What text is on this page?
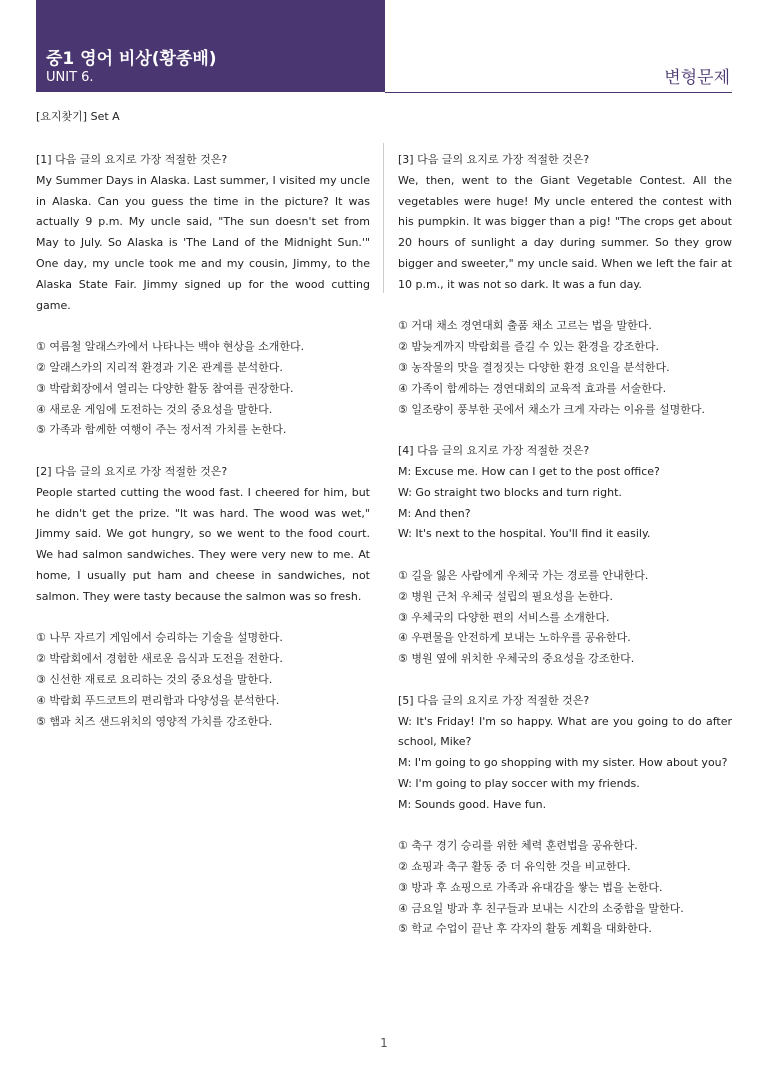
중1 영어 비상(황종배)
UNIT 6.	변형문제
[요지찾기] Set A

[1] 다음 글의 요지로 가장 적절한 것은?

My Summer Days in Alaska. Last summer, I visited my uncle in Alaska. Can you guess the time in the picture? It was actually 9 p.m. My uncle said, "The sun doesn't set from May to July. So Alaska is 'The Land of the Midnight Sun.'" One day, my uncle took me and my cousin, Jimmy, to the Alaska State Fair. Jimmy signed up for the wood cutting game.

① 여름철 알래스카에서 나타나는 백야 현상을 소개한다.

② 알래스카의 지리적 환경과 기온 관계를 분석한다.

③ 박람회장에서 열리는 다양한 활동 참여를 권장한다.

④ 새로운 게임에 도전하는 것의 중요성을 말한다.

⑤ 가족과 함께한 여행이 주는 정서적 가치를 논한다.

[2] 다음 글의 요지로 가장 적절한 것은?

People started cutting the wood fast. I cheered for him, but he didn't get the prize. "It was hard. The wood was wet," Jimmy said. We got hungry, so we went to the food court. We had salmon sandwiches. They were very new to me. At home, I usually put ham and cheese in sandwiches, not salmon. They were tasty because the salmon was so fresh.

① 나무 자르기 게임에서 승리하는 기술을 설명한다.

② 박람회에서 경험한 새로운 음식과 도전을 전한다.

③ 신선한 재료로 요리하는 것의 중요성을 말한다.

④ 박람회 푸드코트의 편리함과 다양성을 분석한다.

⑤ 햄과 치즈 샌드위치의 영양적 가치를 강조한다.

[3] 다음 글의 요지로 가장 적절한 것은?

We, then, went to the Giant Vegetable Contest. All the vegetables were huge! My uncle entered the contest with his pumpkin. It was bigger than a pig! "The crops get about 20 hours of sunlight a day during summer. So they grow bigger and sweeter," my uncle said. When we left the fair at 10 p.m., it was not so dark. It was a fun day.

① 거대 채소 경연대회 출품 채소 고르는 법을 말한다.

② 밤늦게까지 박람회를 즐길 수 있는 환경을 강조한다.

③ 농작물의 맛을 결정짓는 다양한 환경 요인을 분석한다.

④ 가족이 함께하는 경연대회의 교육적 효과를 서술한다.

⑤ 일조량이 풍부한 곳에서 채소가 크게 자라는 이유를 설명한다.

[4] 다음 글의 요지로 가장 적절한 것은?

M: Excuse me. How can I get to the post office?

W: Go straight two blocks and turn right.

M: And then?

W: It's next to the hospital. You'll find it easily.

① 길을 잃은 사람에게 우체국 가는 경로를 안내한다.

② 병원 근처 우체국 설립의 필요성을 논한다.

③ 우체국의 다양한 편의 서비스를 소개한다.

④ 우편물을 안전하게 보내는 노하우를 공유한다.

⑤ 병원 옆에 위치한 우체국의 중요성을 강조한다.

[5] 다음 글의 요지로 가장 적절한 것은?

W: It's Friday! I'm so happy. What are you going to do after school, Mike?

M: I'm going to go shopping with my sister. How about you?

W: I'm going to play soccer with my friends.

M: Sounds good. Have fun.

① 축구 경기 승리를 위한 체력 훈련법을 공유한다.

② 쇼핑과 축구 활동 중 더 유익한 것을 비교한다.

③ 방과 후 쇼핑으로 가족과 유대감을 쌓는 법을 논한다.

④ 금요일 방과 후 친구들과 보내는 시간의 소중함을 말한다.

⑤ 학교 수업이 끝난 후 각자의 활동 계획을 대화한다.

1
